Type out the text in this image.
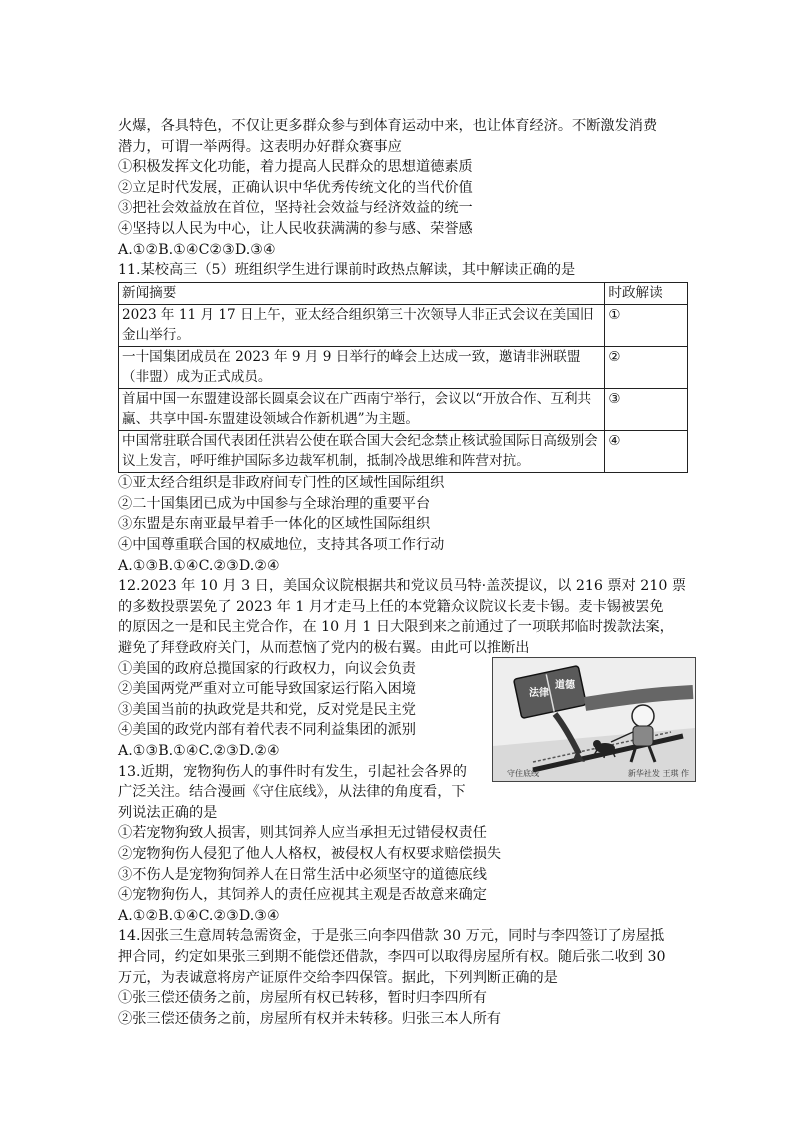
火爆，各具特色，不仅让更多群众参与到体育运动中来，也让体育经济。不断激发消费

潜力，可谓一举两得。这表明办好群众赛事应

①积极发挥文化功能，着力提高人民群众的思想道德素质

②立足时代发展，正确认识中华优秀传统文化的当代价值

③把社会效益放在首位，坚持社会效益与经济效益的统一

④坚持以人民为中心，让人民收获满满的参与感、荣誉感

A.①②B.①④C②③D.③④

11.某校高三（5）班组织学生进行课前时政热点解读，其中解读正确的是

新闻摘要	时政解读
2023 年 11 月 17 日上午，亚太经合组织第三十次领导人非正式会议在美国旧金山举行。	①
一十国集团成员在 2023 年 9 月 9 日举行的峰会上达成一致，邀请非洲联盟（非盟）成为正式成员。	②
首届中国一东盟建设部长圆桌会议在广西南宁举行，会议以“开放合作、互利共赢、共享中国-东盟建设领域合作新机遇”为主题。	③
中国常驻联合国代表团任洪岩公使在联合国大会纪念禁止核试验国际日高级别会议上发言，呼吁维护国际多边裁军机制，抵制冷战思维和阵营对抗。	④

①亚太经合组织是非政府间专门性的区域性国际组织

②二十国集团已成为中国参与全球治理的重要平台

③东盟是东南亚最早着手一体化的区域性国际组织

④中国尊重联合国的权威地位，支持其各项工作行动

A.①③B.①④C.②③D.②④

12.2023 年 10 月 3 日，美国众议院根据共和党议员马特·盖茨提议，以 216 票对 210 票

的多数投票罢免了 2023 年 1 月才走马上任的本党籍众议院议长麦卡锡。麦卡锡被罢免

的原因之一是和民主党合作，在 10 月 1 日大限到来之前通过了一项联邦临时拨款法案，

避免了拜登政府关门，从而惹恼了党内的极右翼。由此可以推断出

①美国的政府总揽国家的行政权力，向议会负责

②美国两党严重对立可能导致国家运行陷入困境

③美国当前的执政党是共和党，反对党是民主党

④美国的政党内部有着代表不同利益集团的派别

A.①③B.①④C.②③D.②④

13.近期，宠物狗伤人的事件时有发生，引起社会各界的

广泛关注。结合漫画《守住底线》，从法律的角度看，下

列说法正确的是

①若宠物狗致人损害，则其饲养人应当承担无过错侵权责任

②宠物狗伤人侵犯了他人人格权，被侵权人有权要求赔偿损失

③不伤人是宠物狗饲养人在日常生活中必须坚守的道德底线

④宠物狗伤人，其饲养人的责任应视其主观是否故意来确定

A.①②B.①④C.②③D.③④

14.因张三生意周转急需资金，于是张三向李四借款 30 万元，同时与李四签订了房屋抵

押合同，约定如果张三到期不能偿还借款，李四可以取得房屋所有权。随后张二收到 30

万元，为表诚意将房产证原件交给李四保管。据此，下列判断正确的是

①张三偿还债务之前，房屋所有权已转移，暂时归李四所有

②张三偿还债务之前，房屋所有权并未转移。归张三本人所有

法律
道德
守住底线	新华社发 王琪 作
